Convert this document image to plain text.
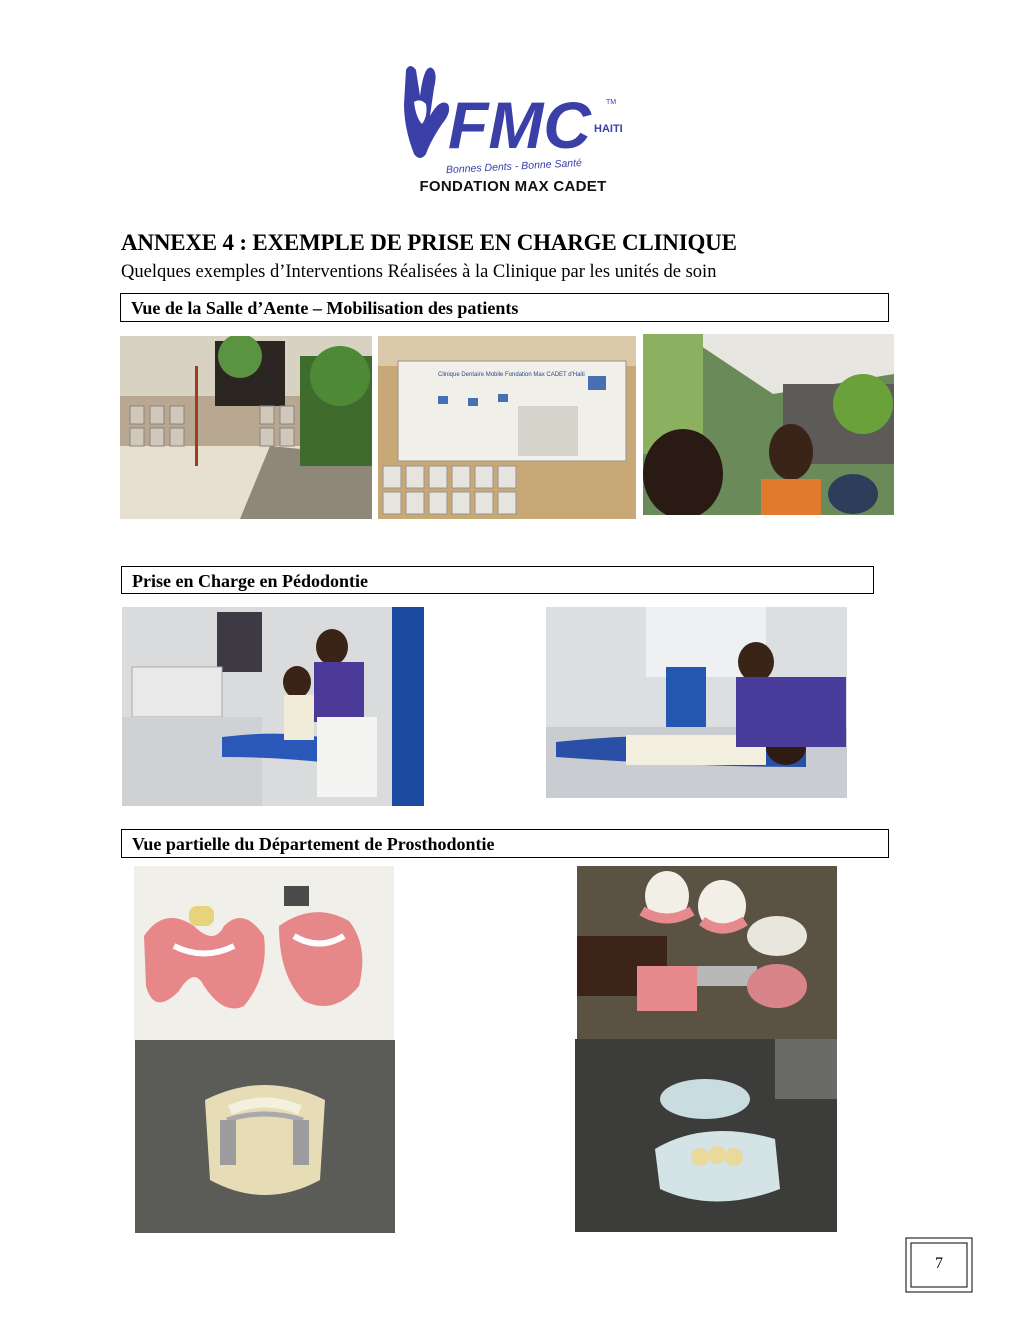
FMC TM
HAITI
Bonnes Dents - Bonne Santé
FONDATION MAX CADET
ANNEXE 4 : EXEMPLE DE PRISE EN CHARGE CLINIQUE
Quelques exemples d’Interventions Réalisées à la Clinique par les unités de soin
Vue de la Salle d’Aente – Mobilisation des patients
Clinique Dentaire Mobile Fondation Max CADET d'Haiti
Prise en Charge en Pédodontie
Vue partielle du Département de Prosthodontie
7
